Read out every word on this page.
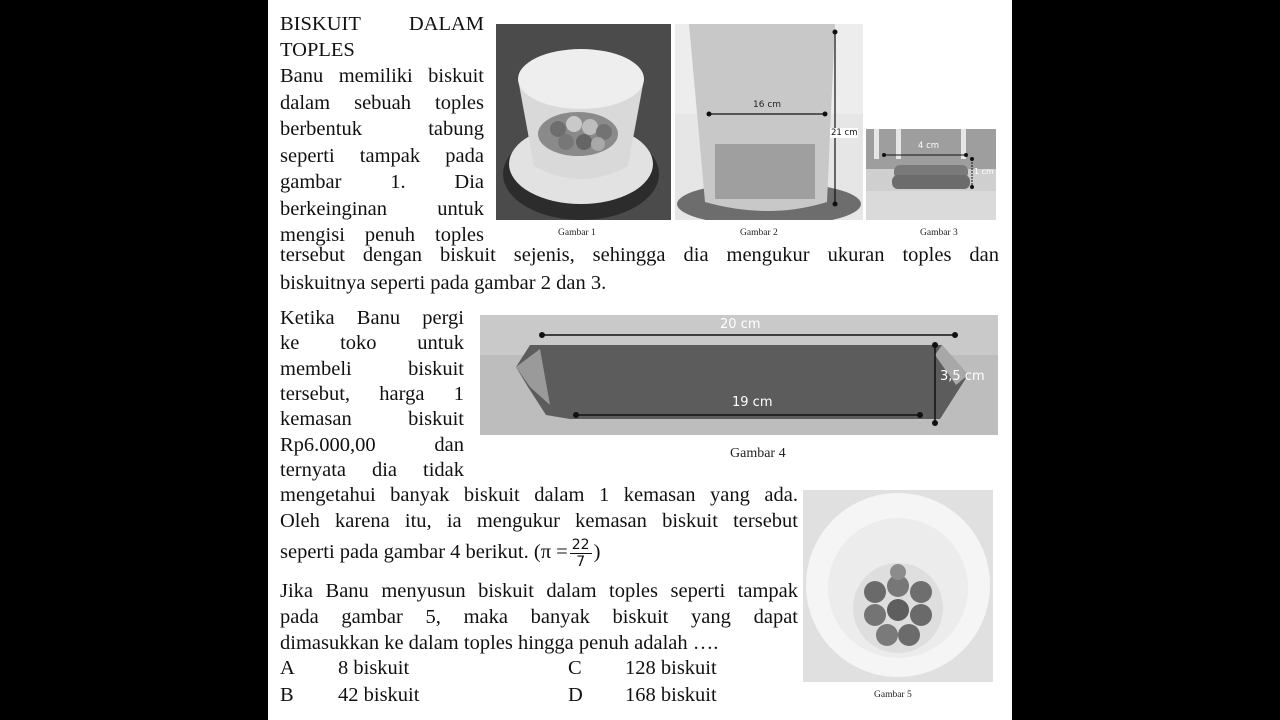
BISKUIT DALAM
TOPLES
Banu memiliki biskuit
dalam sebuah toples
berbentuk tabung
seperti tampak pada
gambar 1. Dia
berkeinginan untuk
mengisi penuh toples	Gambar 1
16 cm
21 cm
Gambar 2
4 cm
1 cm
Gambar 3
tersebut dengan biskuit sejenis, sehingga dia mengukur ukuran toples dan
biskuitnya seperti pada gambar 2 dan 3.
Ketika Banu pergi
ke toko untuk
membeli biskuit
tersebut, harga 1
kemasan biskuit
Rp6.000,00 dan
ternyata dia tidak
20 cm
19 cm
3,5 cm
Gambar 4
mengetahui banyak biskuit dalam 1 kemasan yang ada.
Oleh karena itu, ia mengukur kemasan biskuit tersebut
seperti pada gambar 4 berikut. ($\pi = \frac{22}{7}$ )
Jika Banu menyusun biskuit dalam toples seperti tampak
pada gambar 5, maka banyak biskuit yang dapat
dimasukkan ke dalam toples hingga penuh adalah ….
Gambar 5
A 8 biskuit
B 42 biskuit
C 128 biskuit
D 168 biskuit
